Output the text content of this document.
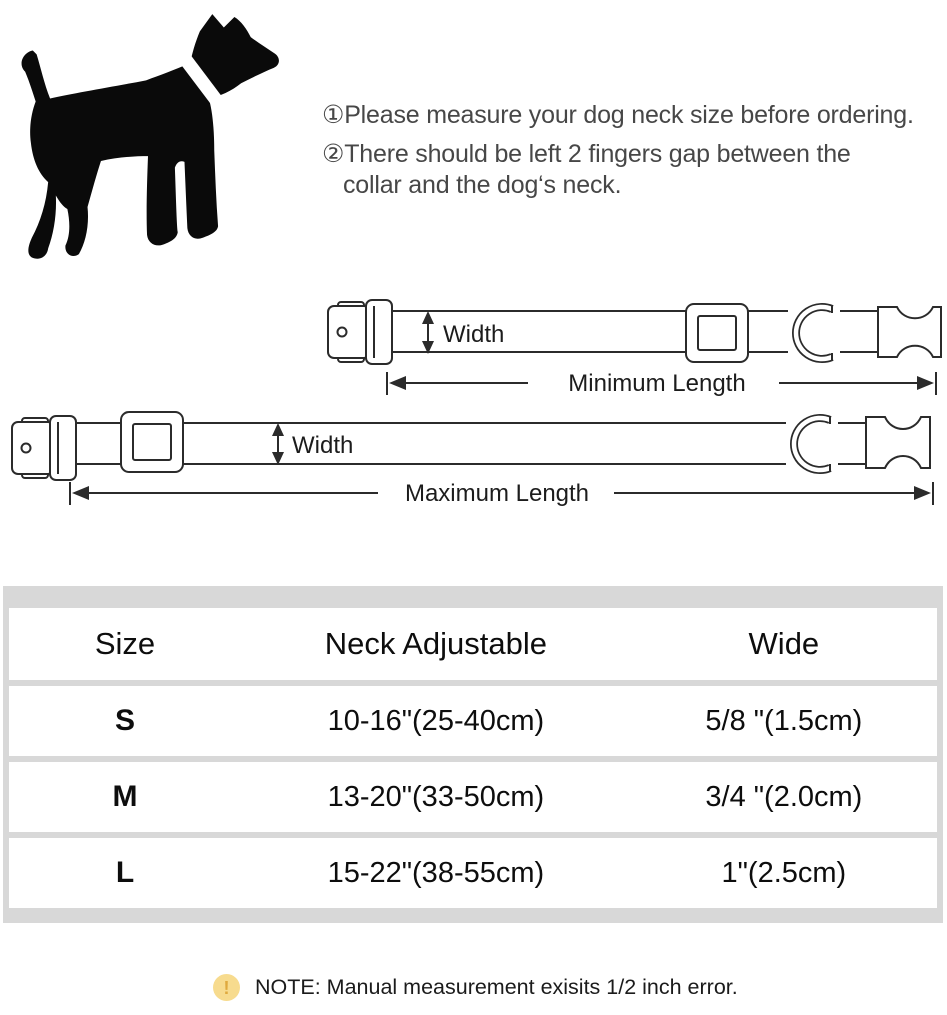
①Please measure your dog neck size before ordering.
②There should be left 2 fingers gap between the
collar and the dog‘s neck.
Width
Minimum Length
Width
Maximum Length
Size	Neck Adjustable	Wide
S	10-16"(25-40cm)	5/8 "(1.5cm)
M	13-20"(33-50cm)	3/4 "(2.0cm)
L	15-22"(38-55cm)	1"(2.5cm)
! NOTE: Manual measurement exisits 1/2 inch error.
